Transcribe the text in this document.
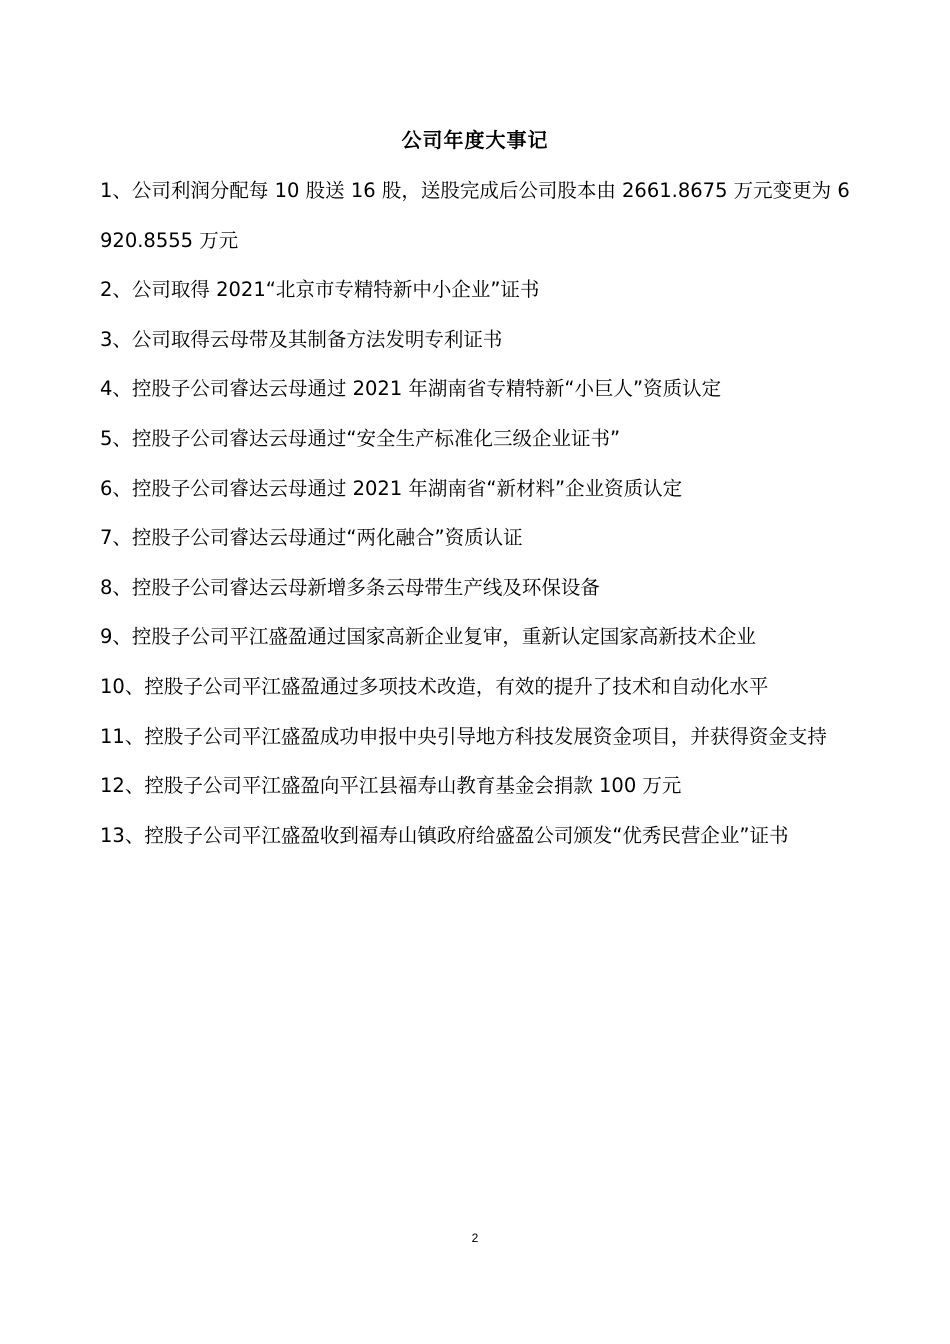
公司年度大事记
1、公司利润分配每 10 股送 16 股，送股完成后公司股本由 2661.8675 万元变更为 6920.8555 万元
2、公司取得 2021“北京市专精特新中小企业”证书
3、公司取得云母带及其制备方法发明专利证书
4、控股子公司睿达云母通过 2021 年湖南省专精特新“小巨人”资质认定
5、控股子公司睿达云母通过“安全生产标准化三级企业证书”
6、控股子公司睿达云母通过 2021 年湖南省“新材料”企业资质认定
7、控股子公司睿达云母通过“两化融合”资质认证
8、控股子公司睿达云母新增多条云母带生产线及环保设备
9、控股子公司平江盛盈通过国家高新企业复审，重新认定国家高新技术企业
10、控股子公司平江盛盈通过多项技术改造，有效的提升了技术和自动化水平
11、控股子公司平江盛盈成功申报中央引导地方科技发展资金项目，并获得资金支持
12、控股子公司平江盛盈向平江县福寿山教育基金会捐款 100 万元
13、控股子公司平江盛盈收到福寿山镇政府给盛盈公司颁发“优秀民营企业”证书
2
